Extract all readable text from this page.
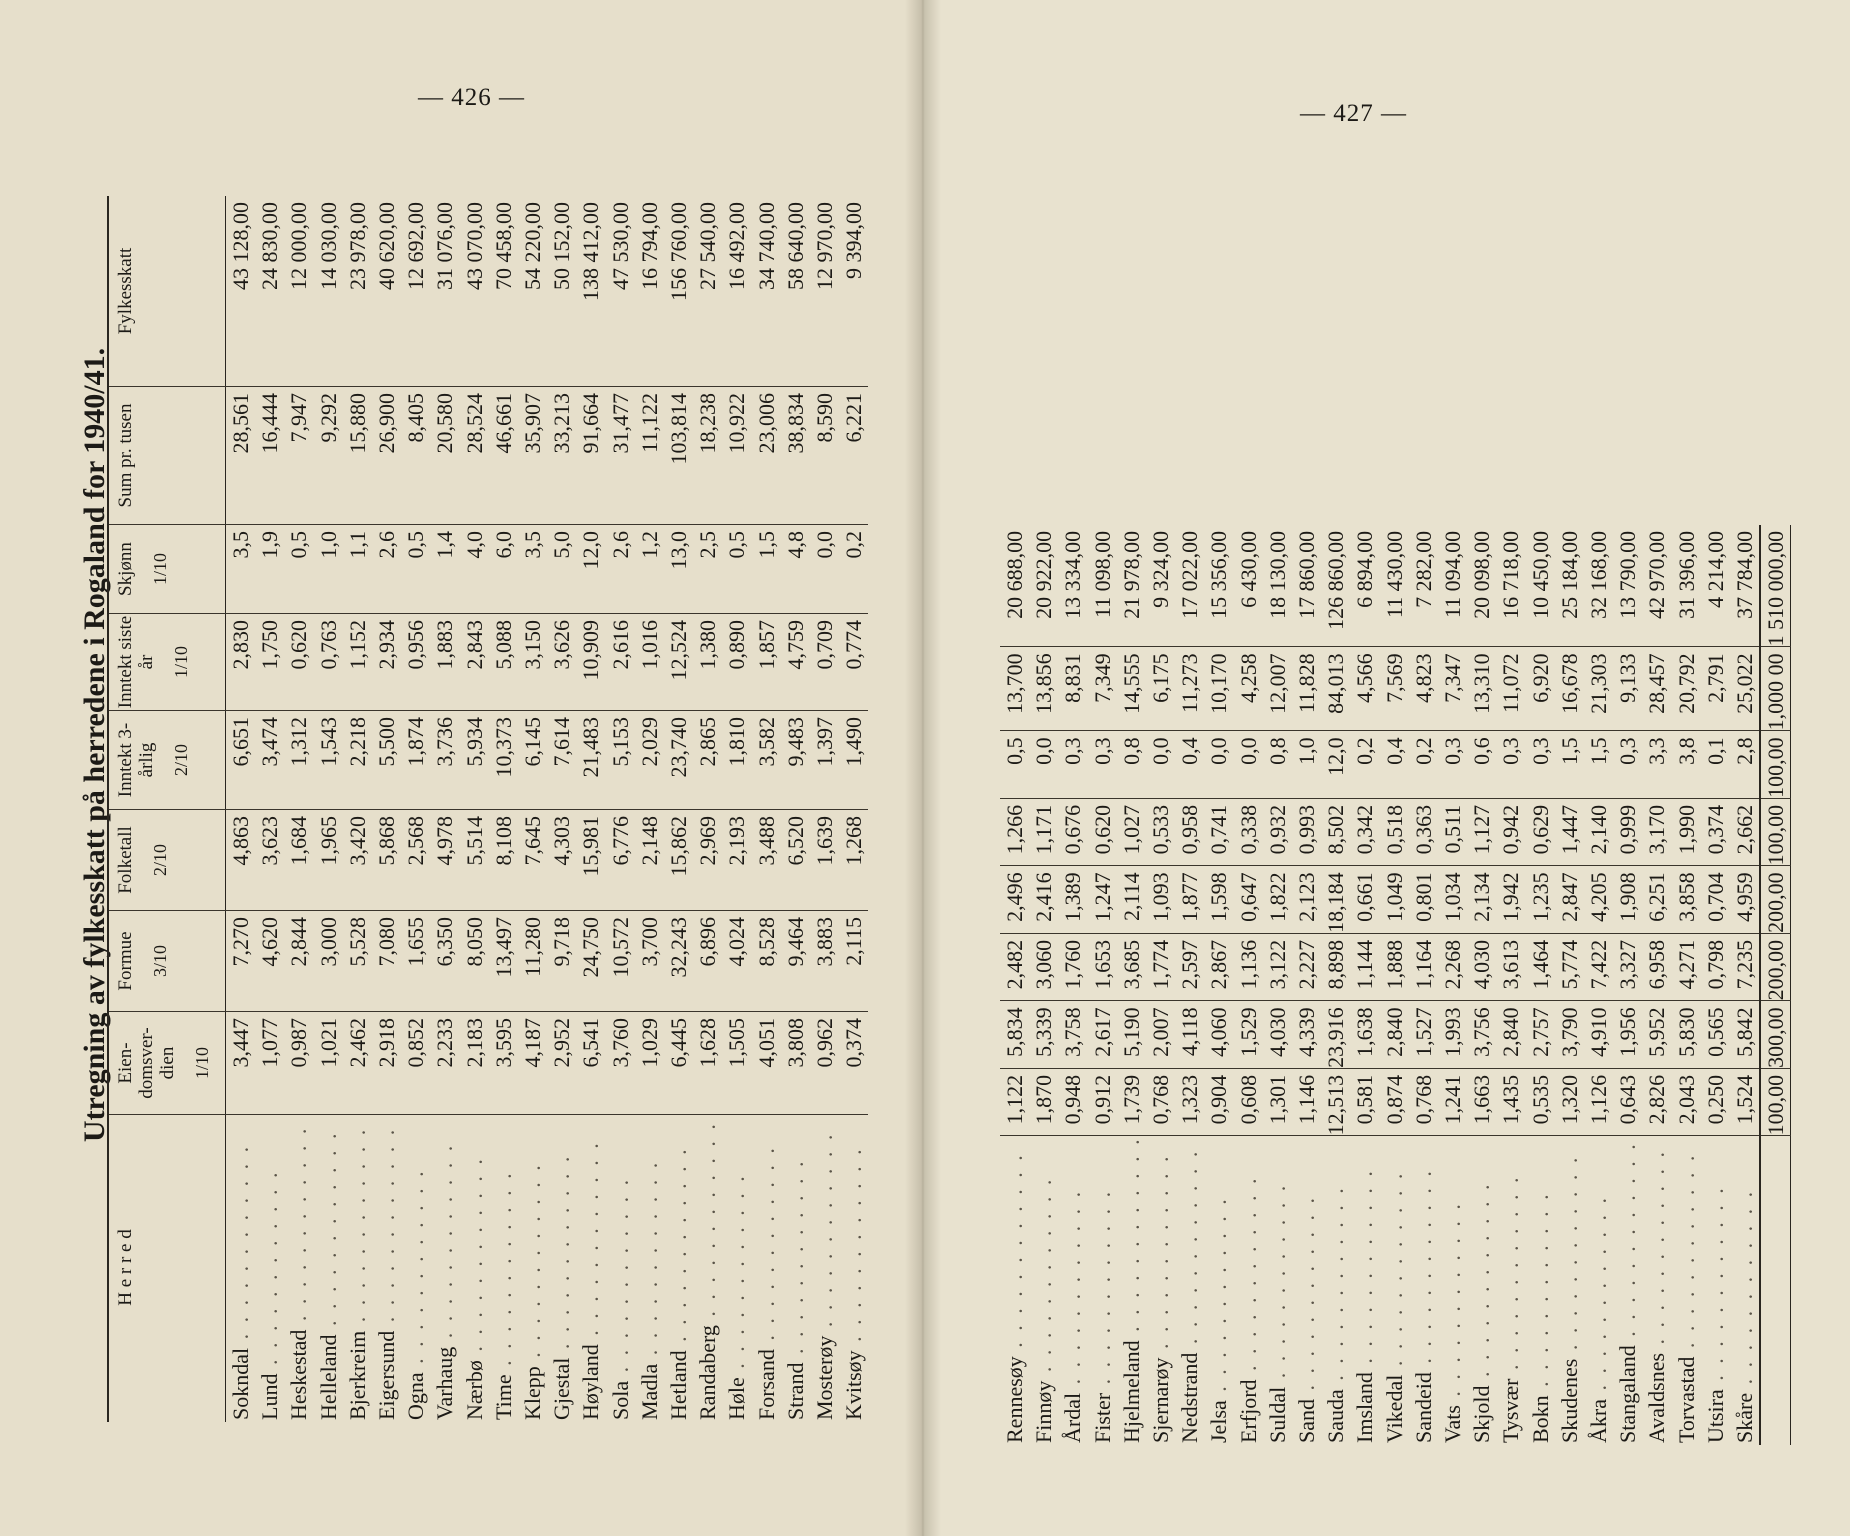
— 426 —
— 427 —
Utregning av fylkesskatt på herredene i Rogaland for 1940/41.
H e r r e d	Eien-domsver-dien 1/10	Formue 3/10	Folketall 2/10	Inntekt 3-årlig 2/10	Inntekt siste år 1/10	Skjønn 1/10	Sum pr. tusen	Fylkesskatt
Sokndal . . . . . . . . . . . .	3,447	7,270	4,863	6,651	2,830	3,5	28,561	43 128,00
Lund . . . . . . . . . . . .	1,077	4,620	3,623	3,474	1,750	1,9	16,444	24 830,00
Heskestad . . . . . . . . . . . .	0,987	2,844	1,684	1,312	0,620	0,5	7,947	12 000,00
Helleland . . . . . . . . . . . .	1,021	3,000	1,965	1,543	0,763	1,0	9,292	14 030,00
Bjerkreim . . . . . . . . . . . .	2,462	5,528	3,420	2,218	1,152	1,1	15,880	23 978,00
Eigersund . . . . . . . . . . . .	2,918	7,080	5,868	5,500	2,934	2,6	26,900	40 620,00
Ogna . . . . . . . . . . . .	0,852	1,655	2,568	1,874	0,956	0,5	8,405	12 692,00
Varhaug . . . . . . . . . . . .	2,233	6,350	4,978	3,736	1,883	1,4	20,580	31 076,00
Nærbø . . . . . . . . . . . .	2,183	8,050	5,514	5,934	2,843	4,0	28,524	43 070,00
Time . . . . . . . . . . . .	3,595	13,497	8,108	10,373	5,088	6,0	46,661	70 458,00
Klepp . . . . . . . . . . . .	4,187	11,280	7,645	6,145	3,150	3,5	35,907	54 220,00
Gjestal . . . . . . . . . . . .	2,952	9,718	4,303	7,614	3,626	5,0	33,213	50 152,00
Høyland . . . . . . . . . . . .	6,541	24,750	15,981	21,483	10,909	12,0	91,664	138 412,00
Sola . . . . . . . . . . . .	3,760	10,572	6,776	5,153	2,616	2,6	31,477	47 530,00
Madla . . . . . . . . . . . .	1,029	3,700	2,148	2,029	1,016	1,2	11,122	16 794,00
Hetland . . . . . . . . . . . .	6,445	32,243	15,862	23,740	12,524	13,0	103,814	156 760,00
Randaberg . . . . . . . . . . . .	1,628	6,896	2,969	2,865	1,380	2,5	18,238	27 540,00
Høle . . . . . . . . . . . .	1,505	4,024	2,193	1,810	0,890	0,5	10,922	16 492,00
Forsand . . . . . . . . . . . .	4,051	8,528	3,488	3,582	1,857	1,5	23,006	34 740,00
Strand . . . . . . . . . . . .	3,808	9,464	6,520	9,483	4,759	4,8	38,834	58 640,00
Mosterøy . . . . . . . . . . . .	0,962	3,883	1,639	1,397	0,709	0,0	8,590	12 970,00
Kvitsøy . . . . . . . . . . . .	0,374	2,115	1,268	1,490	0,774	0,2	6,221	9 394,00
Rennesøy . . . . . . . . . . . .	1,122	5,834	2,482	2,496	1,266	0,5	13,700	20 688,00
Finnøy . . . . . . . . . . . .	1,870	5,339	3,060	2,416	1,171	0,0	13,856	20 922,00
Årdal . . . . . . . . . . . .	0,948	3,758	1,760	1,389	0,676	0,3	8,831	13 334,00
Fister . . . . . . . . . . . .	0,912	2,617	1,653	1,247	0,620	0,3	7,349	11 098,00
Hjelmeland . . . . . . . . . . . .	1,739	5,190	3,685	2,114	1,027	0,8	14,555	21 978,00
Sjernarøy . . . . . . . . . . . .	0,768	2,007	1,774	1,093	0,533	0,0	6,175	9 324,00
Nedstrand . . . . . . . . . . . .	1,323	4,118	2,597	1,877	0,958	0,4	11,273	17 022,00
Jelsa . . . . . . . . . . . .	0,904	4,060	2,867	1,598	0,741	0,0	10,170	15 356,00
Erfjord . . . . . . . . . . . .	0,608	1,529	1,136	0,647	0,338	0,0	4,258	6 430,00
Suldal . . . . . . . . . . . .	1,301	4,030	3,122	1,822	0,932	0,8	12,007	18 130,00
Sand . . . . . . . . . . . .	1,146	4,339	2,227	2,123	0,993	1,0	11,828	17 860,00
Sauda . . . . . . . . . . . .	12,513	23,916	8,898	18,184	8,502	12,0	84,013	126 860,00
Imsland . . . . . . . . . . . .	0,581	1,638	1,144	0,661	0,342	0,2	4,566	6 894,00
Vikedal . . . . . . . . . . . .	0,874	2,840	1,888	1,049	0,518	0,4	7,569	11 430,00
Sandeid . . . . . . . . . . . .	0,768	1,527	1,164	0,801	0,363	0,2	4,823	7 282,00
Vats . . . . . . . . . . . .	1,241	1,993	2,268	1,034	0,511	0,3	7,347	11 094,00
Skjold . . . . . . . . . . . .	1,663	3,756	4,030	2,134	1,127	0,6	13,310	20 098,00
Tysvær . . . . . . . . . . . .	1,435	2,840	3,613	1,942	0,942	0,3	11,072	16 718,00
Bokn . . . . . . . . . . . .	0,535	2,757	1,464	1,235	0,629	0,3	6,920	10 450,00
Skudenes . . . . . . . . . . . .	1,320	3,790	5,774	2,847	1,447	1,5	16,678	25 184,00
Åkra . . . . . . . . . . . .	1,126	4,910	7,422	4,205	2,140	1,5	21,303	32 168,00
Stangaland . . . . . . . . . . . .	0,643	1,956	3,327	1,908	0,999	0,3	9,133	13 790,00
Avaldsnes . . . . . . . . . . . .	2,826	5,952	6,958	6,251	3,170	3,3	28,457	42 970,00
Torvastad . . . . . . . . . . . .	2,043	5,830	4,271	3,858	1,990	3,8	20,792	31 396,00
Utsira . . . . . . . . . . . .	0,250	0,565	0,798	0,704	0,374	0,1	2,791	4 214,00
Skåre . . . . . . . . . . . .	1,524	5,842	7,235	4,959	2,662	2,8	25,022	37 784,00
	100,00	300,00	200,00	200,00	100,00	100,00	1,000 00	1 510 000,00
